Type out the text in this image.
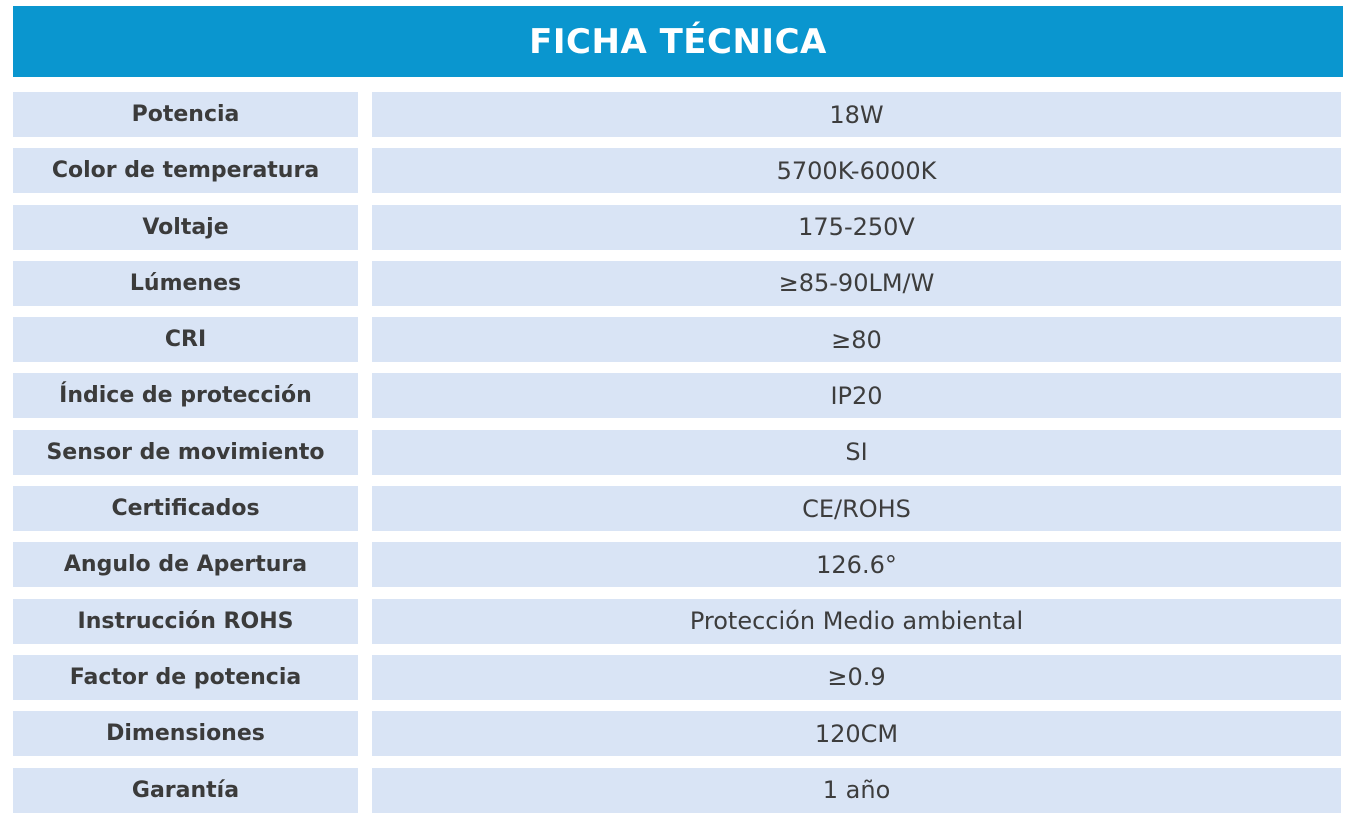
FICHA TÉCNICA
Potencia	18W
Color de temperatura	5700K-6000K
Voltaje	175-250V
Lúmenes	≥85-90LM/W
CRI	≥80
Índice de protección	IP20
Sensor de movimiento	SI
Certificados	CE/ROHS
Angulo de Apertura	126.6°
Instrucción ROHS	Protección Medio ambiental
Factor de potencia	≥0.9
Dimensiones	120CM
Garantía	1 año
